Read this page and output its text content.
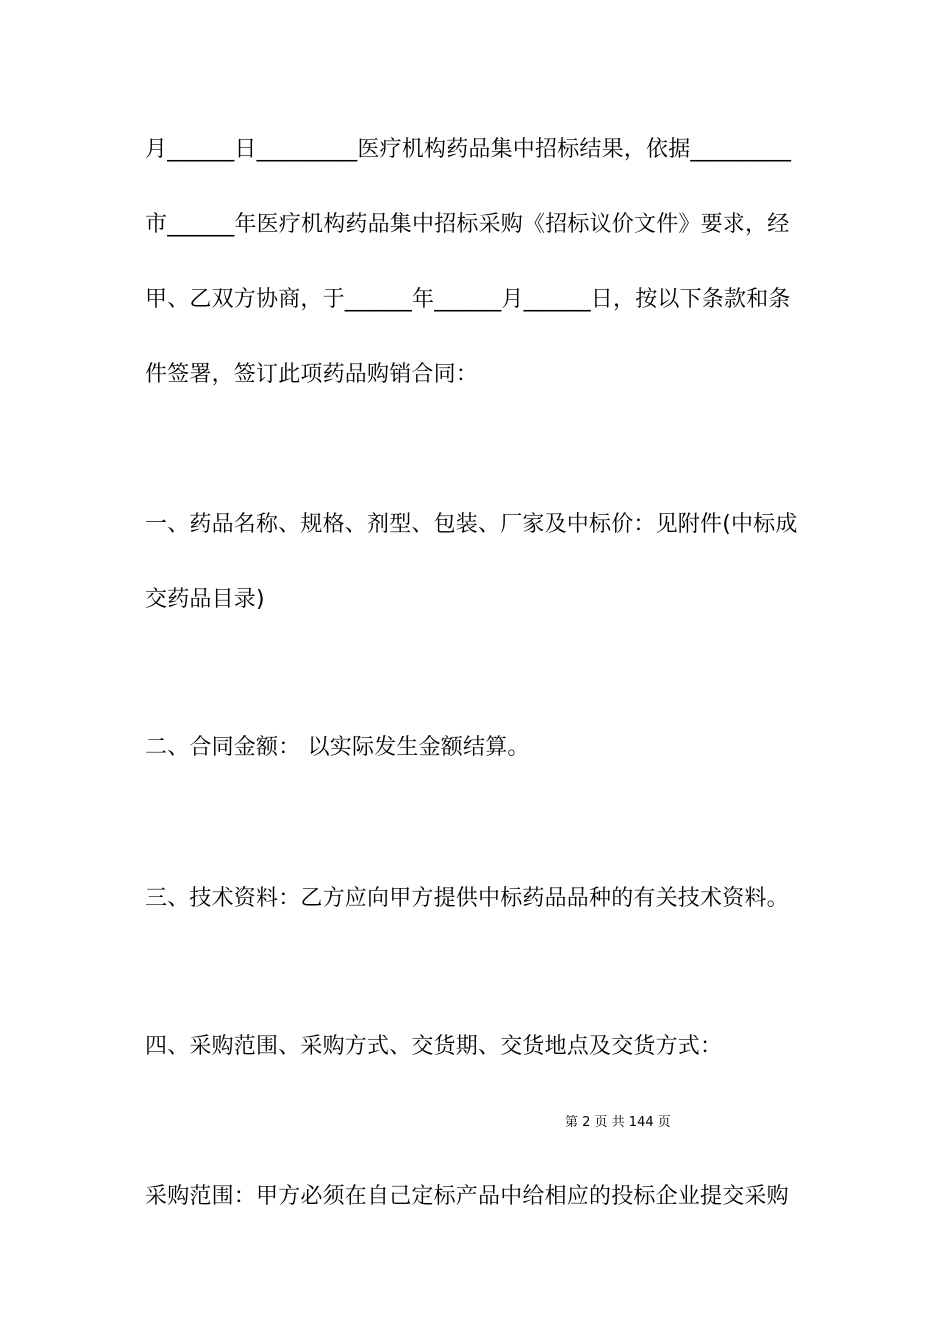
月______日_________医疗机构药品集中招标结果，依据_________
市______年医疗机构药品集中招标采购《招标议价文件》要求，经
甲、乙双方协商，于______年______月______日，按以下条款和条
件签署，签订此项药品购销合同：
一、药品名称、规格、剂型、包装、厂家及中标价：见附件(中标成
交药品目录)
二、合同金额： 以实际发生金额结算。
三、技术资料：乙方应向甲方提供中标药品品种的有关技术资料。
四、采购范围、采购方式、交货期、交货地点及交货方式：
第 2 页 共 144 页
采购范围：甲方必须在自己定标产品中给相应的投标企业提交采购
